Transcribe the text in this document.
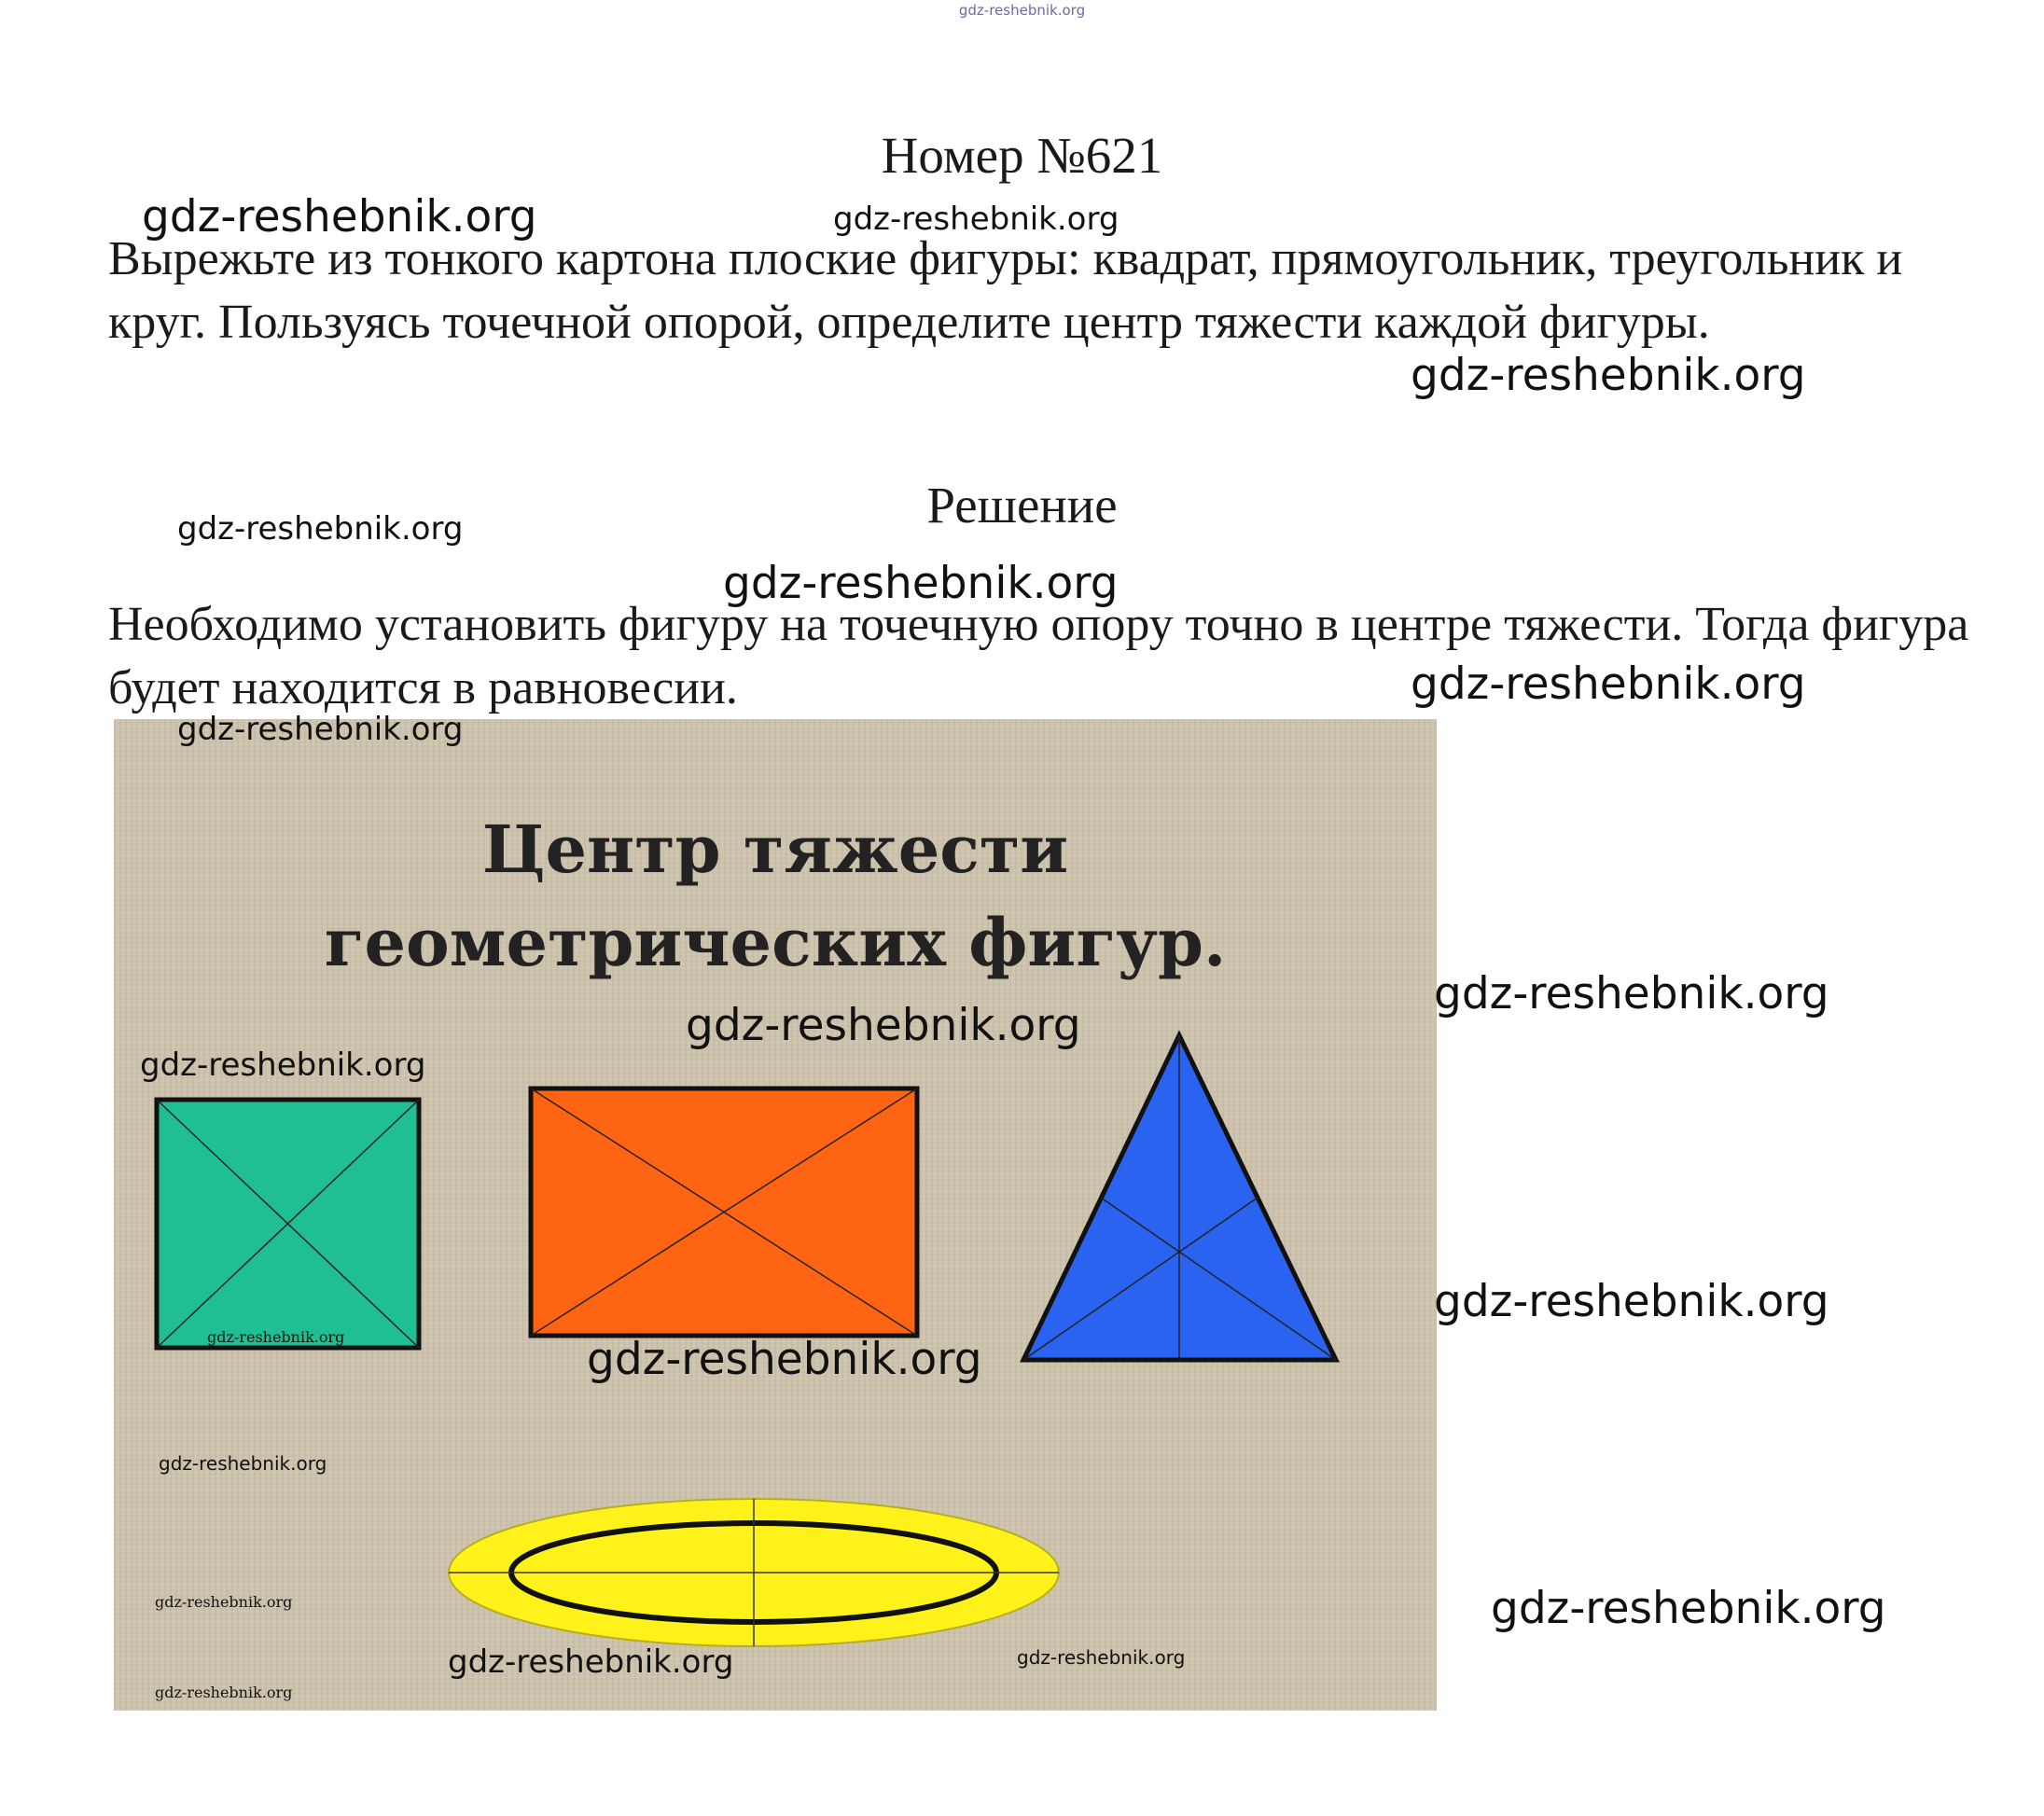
gdz-reshebnik.org
Номер №621
Вырежьте из тонкого картона плоские фигуры: квадрат, прямоугольник, треугольник и круг. Пользуясь точечной опорой, определите центр тяжести каждой фигуры.
Решение
Необходимо установить фигуру на точечную опору точно в центре тяжести. Тогда фигура будет находится в равновесии.
Центр тяжести
геометрических фигур.
gdz-reshebnik.org	gdz-reshebnik.org
gdz-reshebnik.org
gdz-reshebnik.org
gdz-reshebnik.org
gdz-reshebnik.org
gdz-reshebnik.org
gdz-reshebnik.org
gdz-reshebnik.org
gdz-reshebnik.org
gdz-reshebnik.org
gdz-reshebnik.org
gdz-reshebnik.org
gdz-reshebnik.org
gdz-reshebnik.org	gdz-reshebnik.org
gdz-reshebnik.org	gdz-reshebnik.org
gdz-reshebnik.org
